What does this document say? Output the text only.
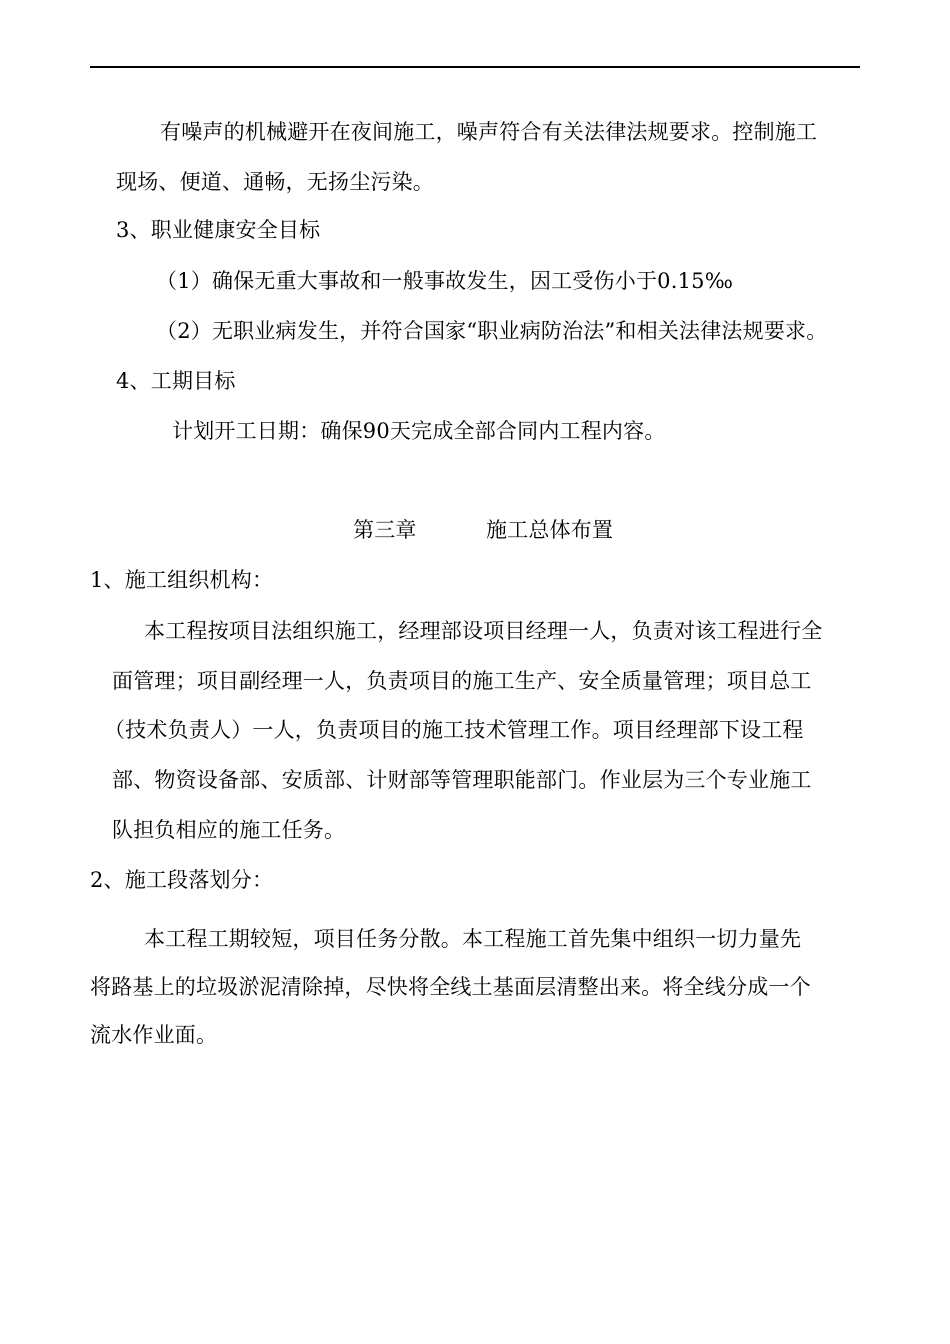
有噪声的机械避开在夜间施工，噪声符合有关法律法规要求。控制施工
现场、便道、通畅，无扬尘污染。
3、职业健康安全目标
（1）确保无重大事故和一般事故发生，因工受伤小于0.15‰
（2）无职业病发生，并符合国家“职业病防治法”和相关法律法规要求。
4、工期目标
计划开工日期：确保90天完成全部合同内工程内容。
第三章	施工总体布置
1、施工组织机构：
本工程按项目法组织施工，经理部设项目经理一人，负责对该工程进行全
面管理；项目副经理一人，负责项目的施工生产、安全质量管理；项目总工
（技术负责人）一人，负责项目的施工技术管理工作。项目经理部下设工程
部、物资设备部、安质部、计财部等管理职能部门。作业层为三个专业施工
队担负相应的施工任务。
2、施工段落划分：
本工程工期较短，项目任务分散。本工程施工首先集中组织一切力量先
将路基上的垃圾淤泥清除掉，尽快将全线土基面层清整出来。将全线分成一个
流水作业面。
